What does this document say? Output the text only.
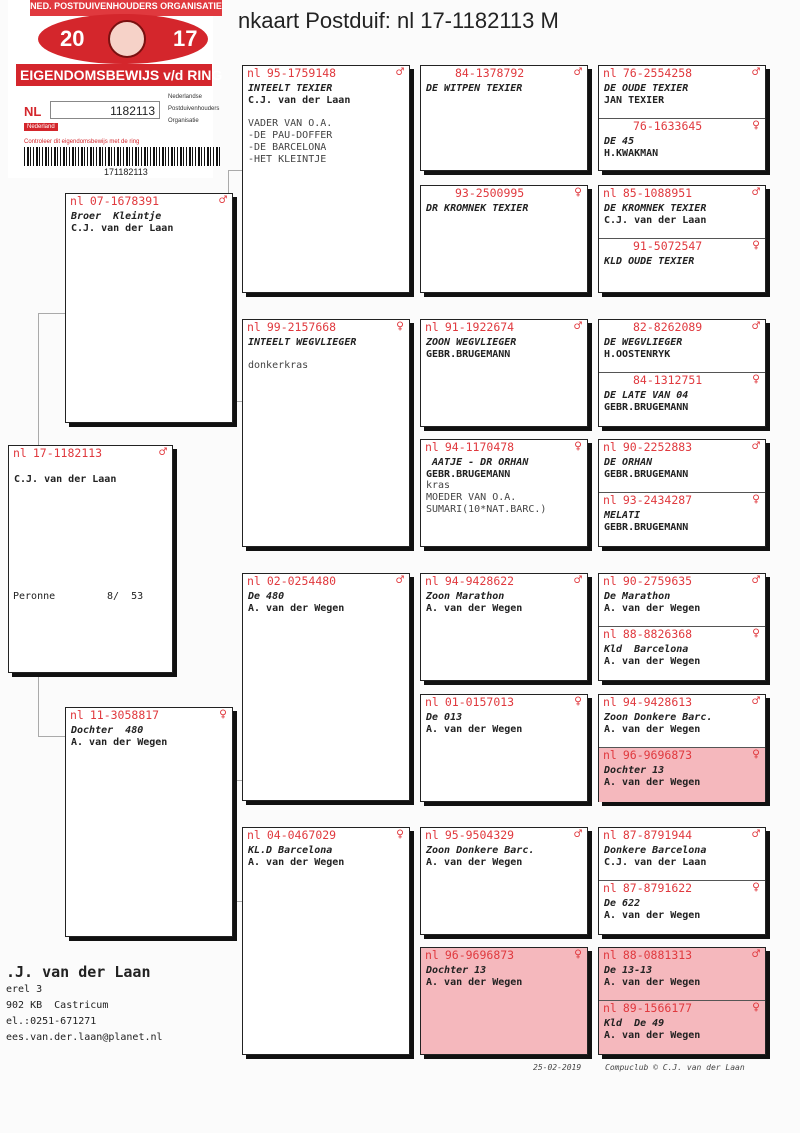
nkaart Postduif: nl 17-1182113 M
NED. POSTDUIVENHOUDERS ORGANISATIE
20	17
EIGENDOMSBEWIJS v/d RING
NL	1182113
Nederlandse
Postduivenhouders
Organisatie
Nederland
Controleer dit eigendomsbewijs met de ring
171182113
nl 17-1182113	♂
C.J. van der Laan
Peronne	8/  53
nl 07-1678391	♂
Broer  Kleintje
C.J. van der Laan
nl 11-3058817	♀
Dochter  480
A. van der Wegen
nl 95-1759148	♂
INTEELT TEXIER
C.J. van der Laan
VADER VAN O.A.
-DE PAU-DOFFER
-DE BARCELONA
-HET KLEINTJE
nl 99-2157668	♀
INTEELT WEGVLIEGER
donkerkras
nl 02-0254480	♂
De 480
A. van der Wegen
nl 04-0467029	♀
KL.D Barcelona
A. van der Wegen
84-1378792	♂
DE WITPEN TEXIER
93-2500995	♀
DR KROMNEK TEXIER
nl 91-1922674	♂
ZOON WEGVLIEGER
GEBR.BRUGEMANN
nl 94-1170478	♀
AATJE - DR ORHAN
GEBR.BRUGEMANN
kras
MOEDER VAN O.A.
SUMARI(10*NAT.BARC.)
nl 94-9428622	♂
Zoon Marathon
A. van der Wegen
nl 01-0157013	♀
De 013
A. van der Wegen
nl 95-9504329	♂
Zoon Donkere Barc.
A. van der Wegen
nl 96-9696873	♀
Dochter 13
A. van der Wegen
nl 76-2554258	♂
DE OUDE TEXIER
JAN TEXIER
76-1633645	♀
DE 45
H.KWAKMAN
nl 85-1088951	♂
DE KROMNEK TEXIER
C.J. van der Laan
91-5072547	♀
KLD OUDE TEXIER
82-8262089	♂
DE WEGVLIEGER
H.OOSTENRYK
84-1312751	♀
DE LATE VAN 04
GEBR.BRUGEMANN
nl 90-2252883	♂
DE ORHAN
GEBR.BRUGEMANN
nl 93-2434287	♀
MELATI
GEBR.BRUGEMANN
nl 90-2759635	♂
De Marathon
A. van der Wegen
nl 88-8826368	♀
Kld  Barcelona
A. van der Wegen
nl 94-9428613	♂
Zoon Donkere Barc.
A. van der Wegen
nl 96-9696873	♀
Dochter 13
A. van der Wegen
nl 87-8791944	♂
Donkere Barcelona
C.J. van der Laan
nl 87-8791622	♀
De 622
A. van der Wegen
nl 88-0881313	♂
De 13-13
A. van der Wegen
nl 89-1566177	♀
Kld  De 49
A. van der Wegen
.J. van der Laan
erel 3
902 KB  Castricum
el.:0251-671271
ees.van.der.laan@planet.nl
25-02-2019	Compuclub © C.J. van der Laan
